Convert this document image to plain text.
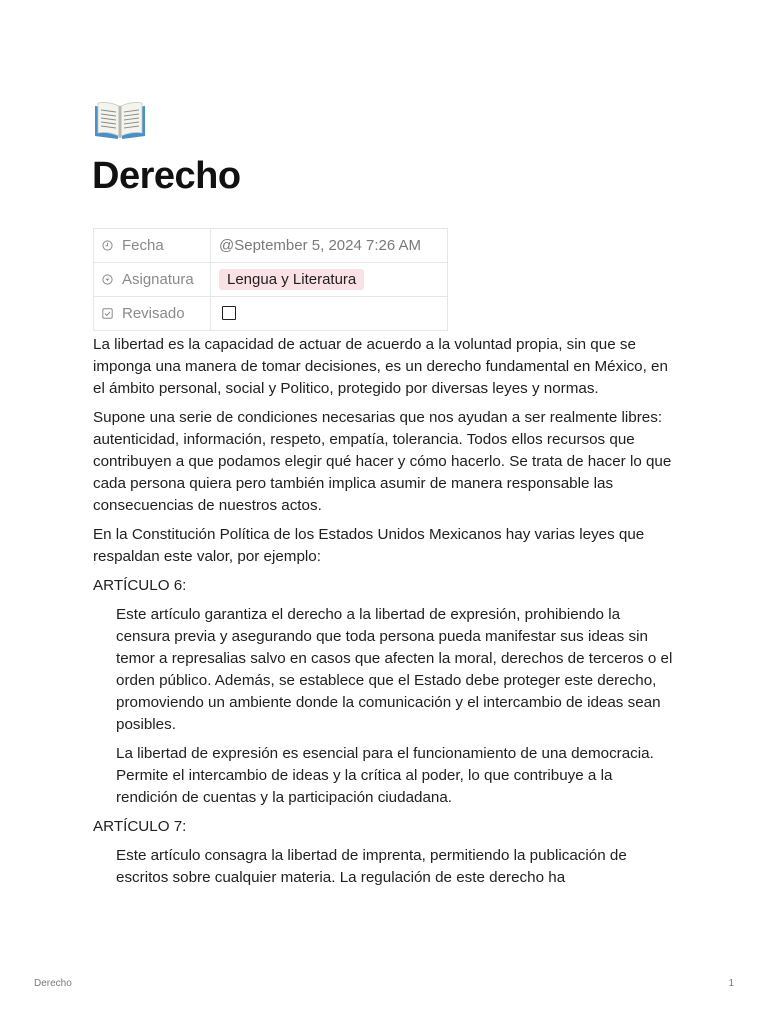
Derecho
Fecha	@September 5, 2024 7:26 AM
Asignatura	Lengua y Literatura
Revisado	

La libertad es la capacidad de actuar de acuerdo a la voluntad propia, sin que se imponga una manera de tomar decisiones, es un derecho fundamental en México, en el ámbito personal, social y Politico, protegido por diversas leyes y normas.

Supone una serie de condiciones necesarias que nos ayudan a ser realmente libres: autenticidad, información, respeto, empatía, tolerancia. Todos ellos recursos que contribuyen a que podamos elegir qué hacer y cómo hacerlo. Se trata de hacer lo que cada persona quiera pero también implica asumir de manera responsable las consecuencias de nuestros actos.

En la Constitución Política de los Estados Unidos Mexicanos hay varias leyes que respaldan este valor, por ejemplo:

ARTÍCULO 6:

Este artículo garantiza el derecho a la libertad de expresión, prohibiendo la censura previa y asegurando que toda persona pueda manifestar sus ideas sin temor a represalias salvo en casos que afecten la moral, derechos de terceros o el orden público. Además, se establece que el Estado debe proteger este derecho, promoviendo un ambiente donde la comunicación y el intercambio de ideas sean posibles.

La libertad de expresión es esencial para el funcionamiento de una democracia. Permite el intercambio de ideas y la crítica al poder, lo que contribuye a la rendición de cuentas y la participación ciudadana.

ARTÍCULO 7:

Este artículo consagra la libertad de imprenta, permitiendo la publicación de escritos sobre cualquier materia. La regulación de este derecho ha

Derecho	1
